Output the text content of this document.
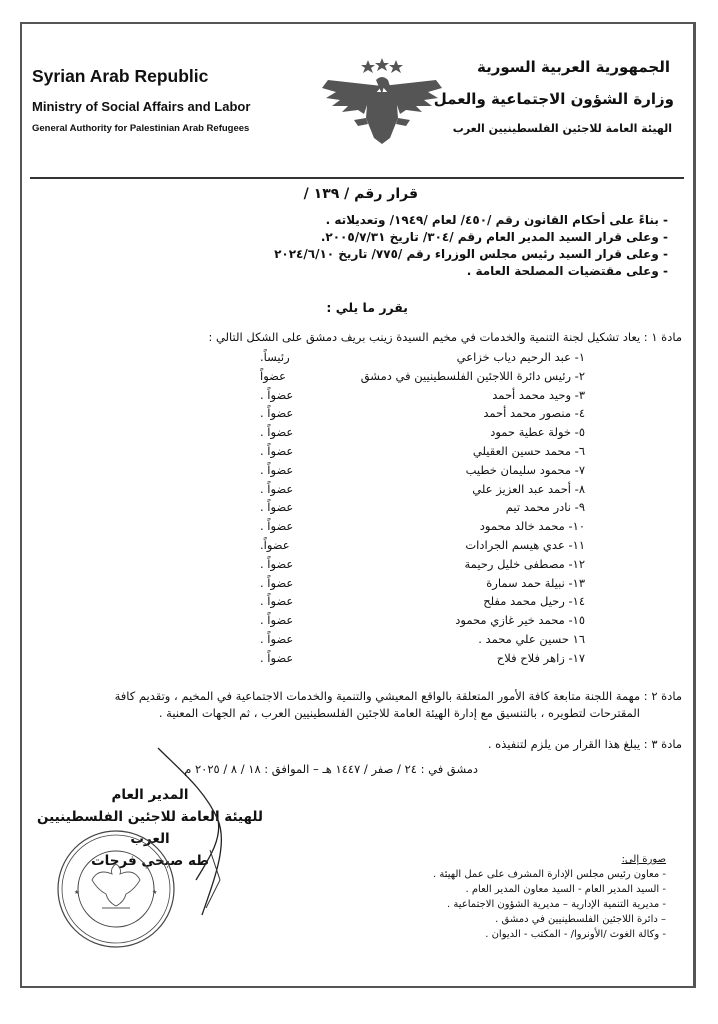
Syrian Arab Republic
Ministry of Social Affairs and Labor
General Authority for Palestinian Arab Refugees
الجمهورية العربية السورية
وزارة الشؤون الاجتماعية والعمل
الهيئة العامة للاجئين الفلسطينيين العرب
قرار رقم / ١٣٩ /
- بناءً على أحكام القانون رقم /٤٥٠/ لعام /١٩٤٩/ وتعديلاته .
- وعلى قرار السيد المدير العام رقم /٣٠٤/ تاريخ ٢٠٠٥/٧/٣١.
- وعلى قرار السيد رئيس مجلس الوزراء رقم /٧٧٥/ تاريخ ٢٠٢٤/٦/١٠
- وعلى مقتضيات المصلحة العامة .
يقرر ما يلي :
مادة ١ : يعاد تشكيل لجنة التنمية والخدمات في مخيم السيدة زينب بريف دمشق على الشكل التالي :
١- عبد الرحيم دياب خزاعي
رئيساً.
٢- رئيس دائرة اللاجئين الفلسطينيين في دمشق
عضواً
٣- وحيد محمد أحمد
عضواً .
٤- منصور محمد أحمد
عضواً .
٥- خولة عطية حمود
عضواً .
٦- محمد حسين العقيلي
عضواً .
٧- محمود سليمان خطيب
عضواً .
٨- أحمد عبد العزيز علي
عضواً .
٩- نادر محمد تيم
عضواً .
١٠- محمد خالد محمود
عضواً .
١١- عدي هيسم الجرادات
عضواً.
١٢- مصطفى خليل رحيمة
عضواً .
١٣- نبيلة حمد سمارة
عضواً .
١٤- رحيل محمد مفلح
عضواً .
١٥- محمد خير غازي محمود
عضواً .
١٦ حسين علي محمد .
عضواً .
١٧- زاهر فلاح فلاح
عضواً .
مادة ٢ : مهمة اللجنة متابعة كافة الأمور المتعلقة بالواقع المعيشي والتنمية والخدمات الاجتماعية في المخيم ، وتقديم كافة
المقترحات لتطويره ، بالتنسيق مع إدارة الهيئة العامة للاجئين الفلسطينيين العرب ، ثم الجهات المعنية .
مادة ٣ : يبلغ هذا القرار من يلزم لتنفيذه .
دمشق في : ٢٤ / صفر / ١٤٤٧ هـ – الموافق : ١٨ / ٨ / ٢٠٢٥ م
المدير العام
للهيئة العامة للاجئين الفلسطينيين العرب
طه صبحي فرحات
★	★
صورة إلى:
- معاون رئيس مجلس الإدارة المشرف على عمل الهيئة .
- السيد المدير العام - السيد معاون المدير العام .
- مديرية التنمية الإدارية – مديرية الشؤون الاجتماعية .
– دائرة اللاجئين الفلسطينيين في دمشق .
- وكالة الغوث /الأونروا/ - المكتب - الديوان .
